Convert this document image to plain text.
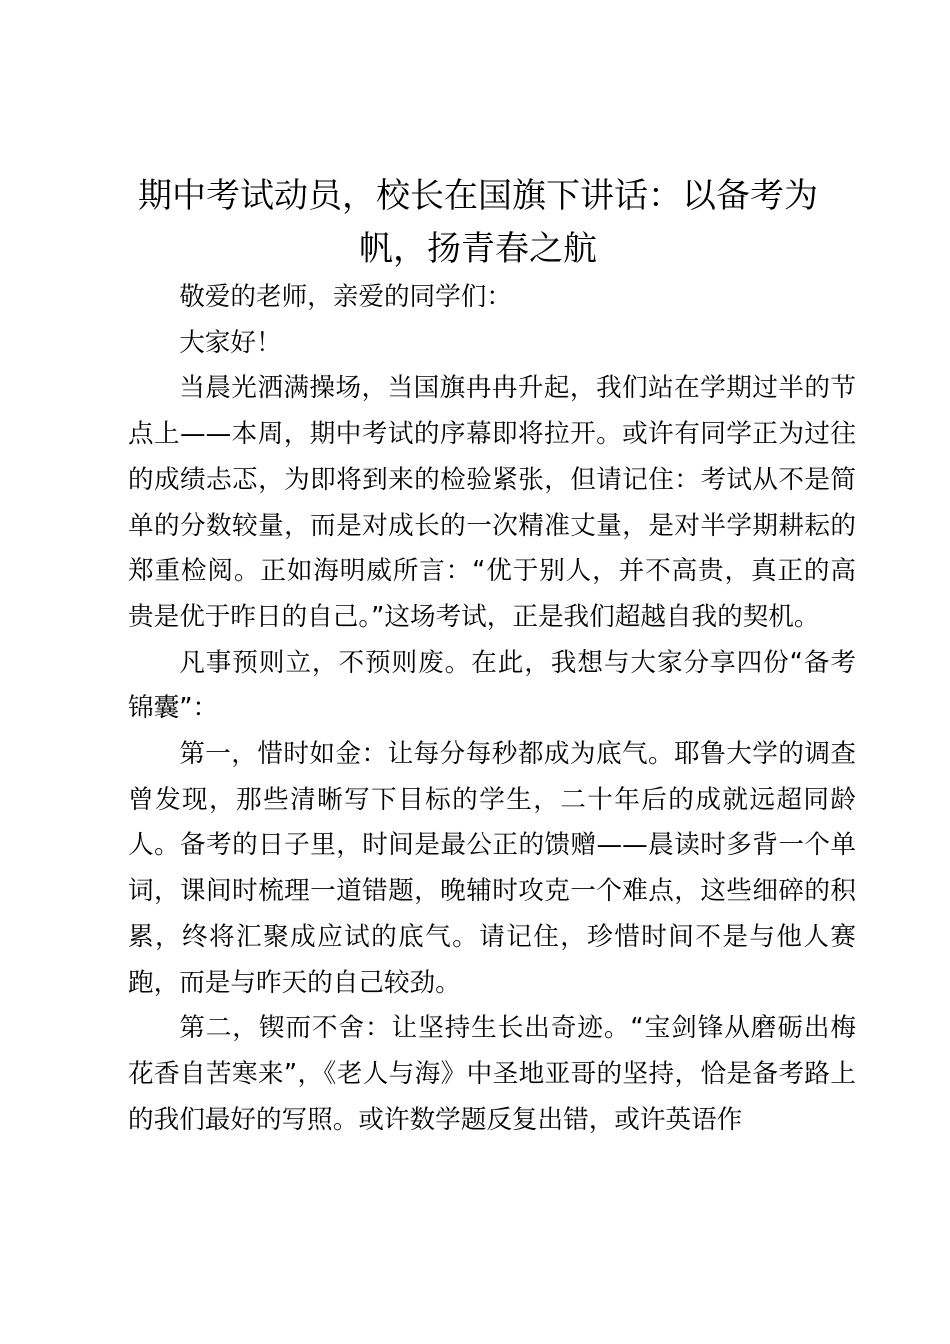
期中考试动员，校长在国旗下讲话：以备考为
帆，扬青春之航

敬爱的老师，亲爱的同学们：

大家好！

当晨光洒满操场，当国旗冉冉升起，我们站在学期过半的节点上——本周，期中考试的序幕即将拉开。或许有同学正为过往的成绩忐忑，为即将到来的检验紧张，但请记住：考试从不是简单的分数较量，而是对成长的一次精准丈量，是对半学期耕耘的郑重检阅。正如海明威所言：“优于别人，并不高贵，真正的高贵是优于昨日的自己。”这场考试，正是我们超越自我的契机。

凡事预则立，不预则废。在此，我想与大家分享四份“备考锦囊”：

第一，惜时如金：让每分每秒都成为底气。耶鲁大学的调查曾发现，那些清晰写下目标的学生，二十年后的成就远超同龄人。备考的日子里，时间是最公正的馈赠——晨读时多背一个单词，课间时梳理一道错题，晚辅时攻克一个难点，这些细碎的积累，终将汇聚成应试的底气。请记住，珍惜时间不是与他人赛跑，而是与昨天的自己较劲。

第二，锲而不舍：让坚持生长出奇迹。“宝剑锋从磨砺出梅花香自苦寒来”，《老人与海》中圣地亚哥的坚持，恰是备考路上的我们最好的写照。或许数学题反复出错，或许英语作
